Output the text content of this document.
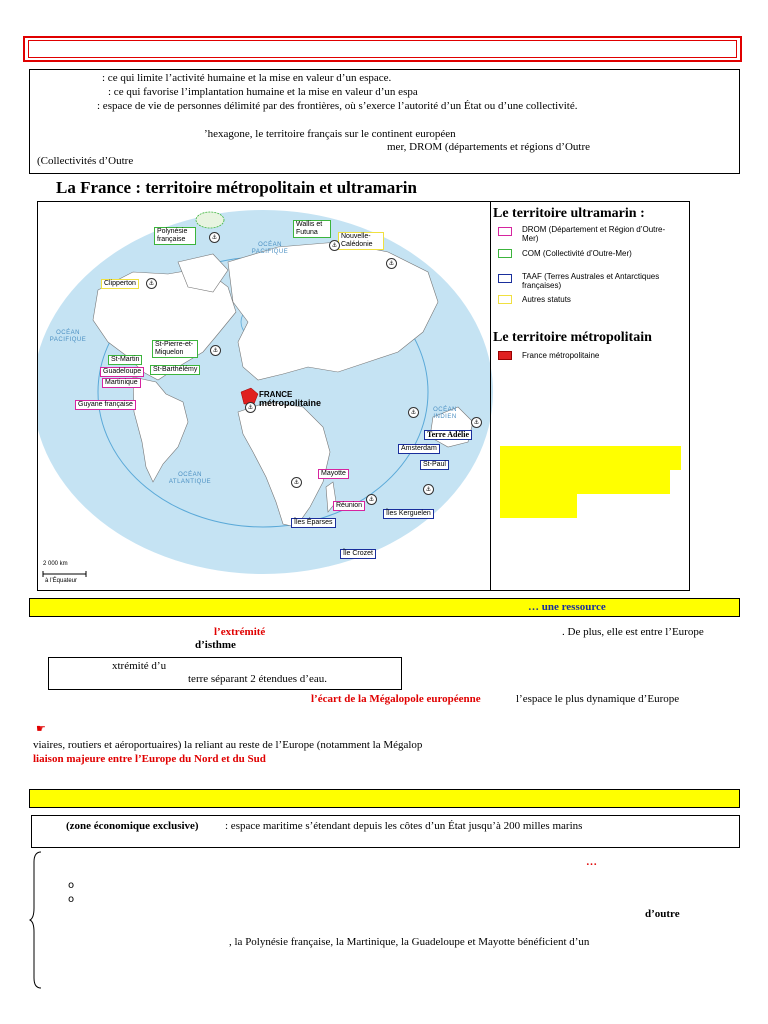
: ce qui limite l’activité humaine et la mise en valeur d’un espace.
: ce qui favorise l’implantation humaine et la mise en valeur d’un espa
: espace de vie de personnes délimité par des frontières, où s’exerce l’autorité d’un État ou d’une collectivité.
’hexagone, le territoire français sur le continent européen
mer, DROM (départements et régions d’Outre
(Collectivités d’Outre
La France : territoire métropolitain et ultramarin
OCÉAN PACIFIQUE
OCÉAN PACIFIQUE
OCÉAN ATLANTIQUE
OCÉAN INDIEN
Polynésie française
Wallis et Futuna
Nouvelle-Calédonie
Clipperton
St-Pierre-et-Miquelon
St-Martin
Guadeloupe	St-Barthélémy
Martinique
Guyane française
FRANCE
métropolitaine
Terre Adélie
Amsterdam
St-Paul
Mayotte
Réunion
Îles Kerguelen
Îles Éparses
Île Crozet
2 000 km
à l’Équateur
⚓
⚓
⚓
⚓
⚓
⚓
⚓
⚓
⚓
⚓
⚓
Le territoire ultramarin :
DROM (Département et Région d’Outre-Mer)
COM (Collectivité d’Outre-Mer)
TAAF (Terres Australes et Antarctiques françaises)
Autres statuts
Le territoire métropolitain
France métropolitaine
… une ressource
l’extrémité	. De plus, elle est entre l’Europe
d’isthme
xtrémité d’u
terre séparant 2 étendues d’eau.
l’écart de la Mégalopole européenne	l’espace le plus dynamique d’Europe
☛
viaires, routiers et aéroportuaires) la reliant au reste de l’Europe (notamment la Mégalop
liaison majeure entre l’Europe du Nord et du Sud
(zone économique exclusive) : espace maritime s’étendant depuis les côtes d’un État jusqu’à 200 milles marins
…
o
o
d’outre
, la Polynésie française, la Martinique, la Guadeloupe et Mayotte bénéficient d’un
